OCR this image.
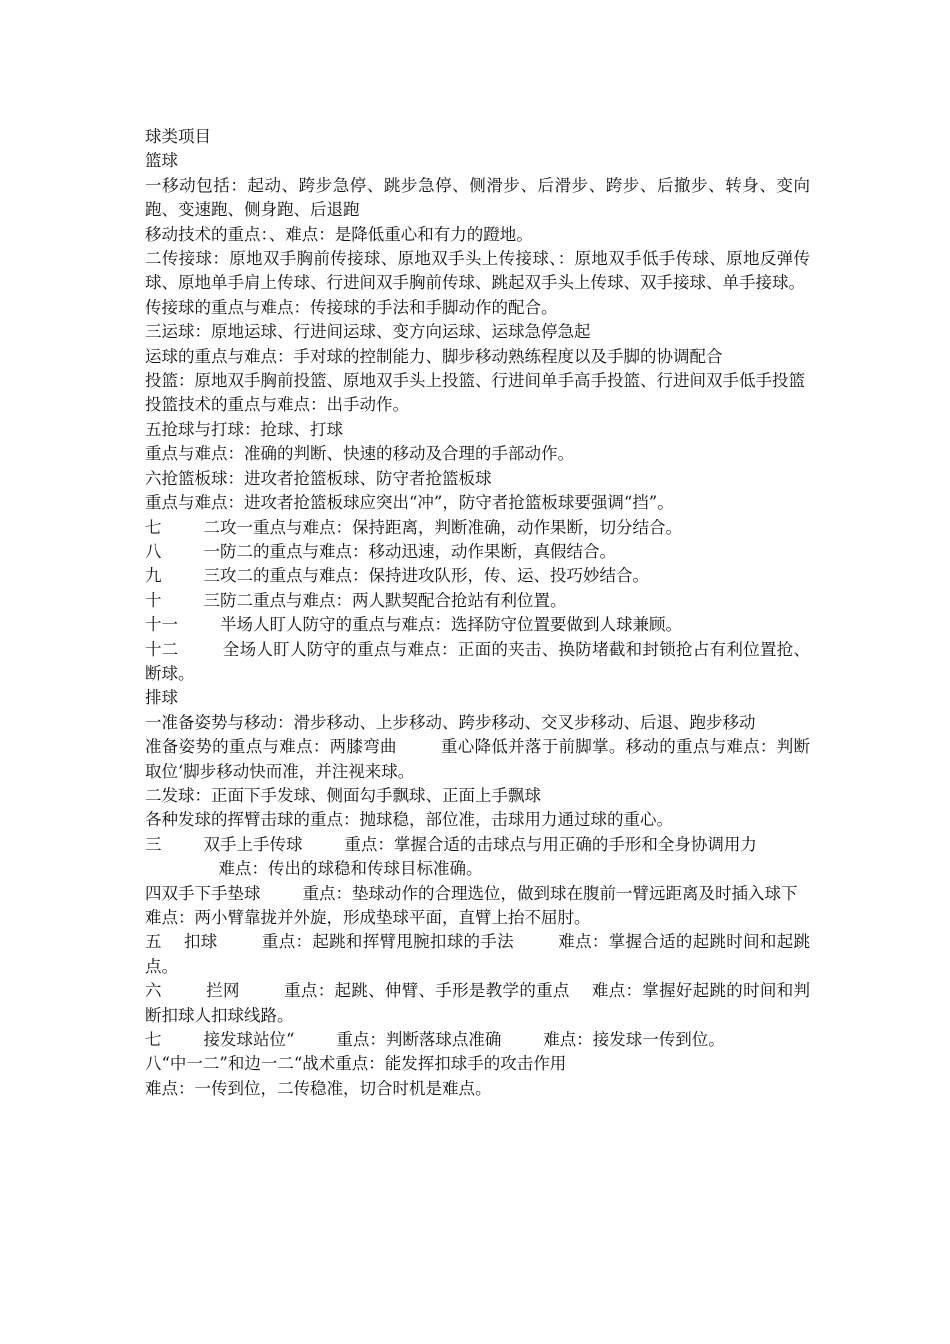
球类项目

篮球

一移动包括：起动、跨步急停、跳步急停、侧滑步、后滑步、跨步、后撤步、转身、变向跑、变速跑、侧身跑、后退跑

移动技术的重点：、难点：是降低重心和有力的蹬地。

二传接球：原地双手胸前传接球、原地双手头上传接球、：原地双手低手传球、原地反弹传球、原地单手肩上传球、行进间双手胸前传球、跳起双手头上传球、双手接球、单手接球。

传接球的重点与难点：传接球的手法和手脚动作的配合。

三运球：原地运球、行进间运球、变方向运球、运球急停急起

运球的重点与难点：手对球的控制能力、脚步移动熟练程度以及手脚的协调配合

投篮：原地双手胸前投篮、原地双手头上投篮、行进间单手高手投篮、行进间双手低手投篮

投篮技术的重点与难点：出手动作。

五抢球与打球：抢球、打球

重点与难点：准确的判断、快速的移动及合理的手部动作。

六抢篮板球：进攻者抢篮板球、防守者抢篮板球

重点与难点：进攻者抢篮板球应突出“冲”，防守者抢篮板球要强调“挡”。

七        二攻一重点与难点：保持距离，判断准确，动作果断，切分结合。

八        一防二的重点与难点：移动迅速，动作果断，真假结合。

九        三攻二的重点与难点：保持进攻队形，传、运、投巧妙结合。

十        三防二重点与难点：两人默契配合抢站有利位置。

十一        半场人盯人防守的重点与难点：选择防守位置要做到人球兼顾。

十二        全场人盯人防守的重点与难点：正面的夹击、换防堵截和封锁抢占有利位置抢、断球。

排球

一准备姿势与移动：滑步移动、上步移动、跨步移动、交叉步移动、后退、跑步移动

准备姿势的重点与难点：两膝弯曲        重心降低并落于前脚掌。移动的重点与难点：判断    取位‘脚步移动快而准，并注视来球。

二发球：正面下手发球、侧面勾手飘球、正面上手飘球

各种发球的挥臂击球的重点：抛球稳，部位准，击球用力通过球的重心。

三        双手上手传球        重点：掌握合适的击球点与用正确的手形和全身协调用力

难点：传出的球稳和传球目标准确。

四双手下手垫球        重点：垫球动作的合理选位，做到球在腹前一臂远距离及时插入球下

难点：两小臂靠拢并外旋，形成垫球平面，直臂上抬不屈肘。

五    扣球        重点：起跳和挥臂甩腕扣球的手法        难点：掌握合适的起跳时间和起跳点。

六        拦网        重点：起跳、伸臂、手形是教学的重点    难点：掌握好起跳的时间和判断扣球人扣球线路。

七        接发球站位“        重点：判断落球点准确        难点：接发球一传到位。

八“中一二”和边一二“战术重点：能发挥扣球手的攻击作用

难点：一传到位，二传稳准，切合时机是难点。
